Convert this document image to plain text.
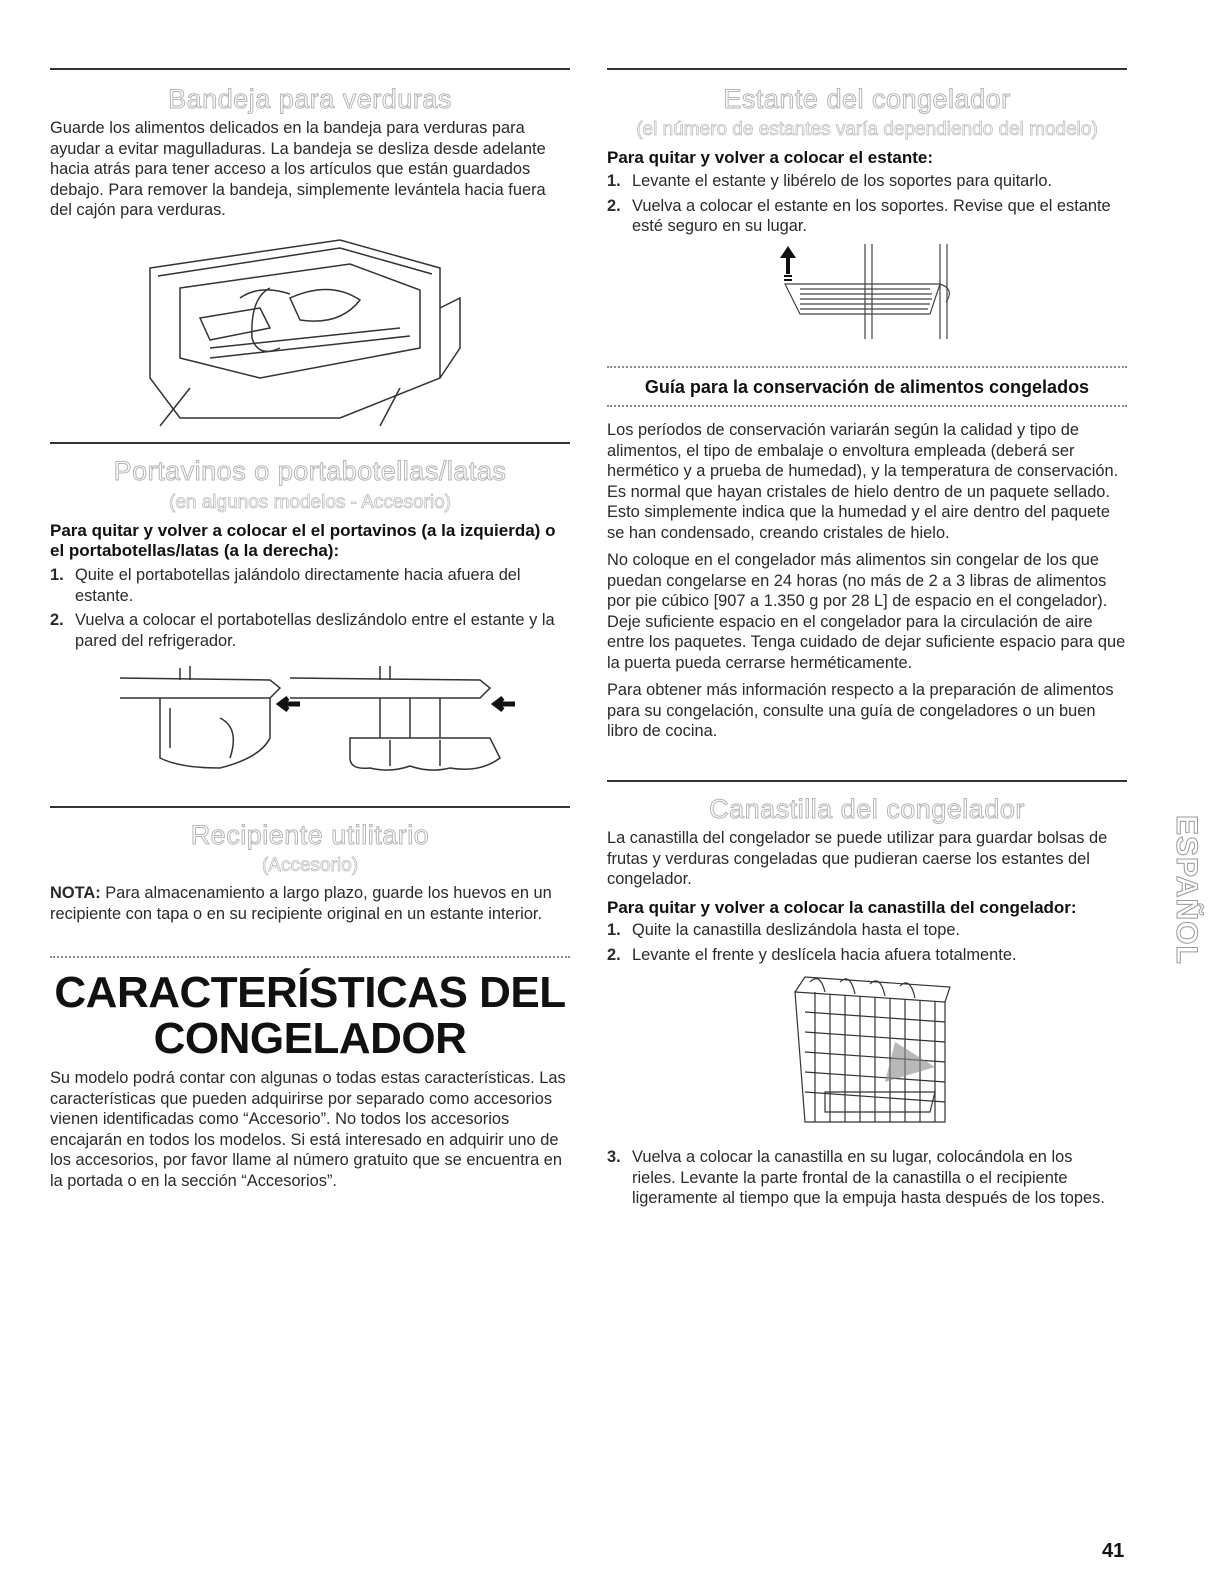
Bandeja para verduras

Guarde los alimentos delicados en la bandeja para verduras para ayudar a evitar magulladuras. La bandeja se desliza desde adelante hacia atrás para tener acceso a los artículos que están guardados debajo. Para remover la bandeja, simplemente levántela hacia fuera del cajón para verduras.

Portavinos o portabotellas/latas
(en algunos modelos - Accesorio)
Para quitar y volver a colocar el el portavinos (a la izquierda) o el portabotellas/latas (a la derecha):
1. Quite el portabotellas jalándolo directamente hacia afuera del estante.
2. Vuelva a colocar el portabotellas deslizándolo entre el estante y la pared del refrigerador.
Recipiente utilitario
(Accesorio)

NOTA: Para almacenamiento a largo plazo, guarde los huevos en un recipiente con tapa o en su recipiente original en un estante interior.

CARACTERÍSTICAS DEL
CONGELADOR

Su modelo podrá contar con algunas o todas estas características. Las características que pueden adquirirse por separado como accesorios vienen identificadas como “Accesorio”. No todos los accesorios encajarán en todos los modelos. Si está interesado en adquirir uno de los accesorios, por favor llame al número gratuito que se encuentra en la portada o en la sección “Accesorios”.

Estante del congelador
(el número de estantes varía dependiendo del modelo)
Para quitar y volver a colocar el estante:
1. Levante el estante y libérelo de los soportes para quitarlo.
2. Vuelva a colocar el estante en los soportes. Revise que el estante esté seguro en su lugar.
Guía para la conservación de alimentos congelados

Los períodos de conservación variarán según la calidad y tipo de alimentos, el tipo de embalaje o envoltura empleada (deberá ser hermético y a prueba de humedad), y la temperatura de conservación. Es normal que hayan cristales de hielo dentro de un paquete sellado. Esto simplemente indica que la humedad y el aire dentro del paquete se han condensado, creando cristales de hielo.

No coloque en el congelador más alimentos sin congelar de los que puedan congelarse en 24 horas (no más de 2 a 3 libras de alimentos por pie cúbico [907 a 1.350 g por 28 L] de espacio en el congelador). Deje suficiente espacio en el congelador para la circulación de aire entre los paquetes. Tenga cuidado de dejar suficiente espacio para que la puerta pueda cerrarse herméticamente.

Para obtener más información respecto a la preparación de alimentos para su congelación, consulte una guía de congeladores o un buen libro de cocina.

Canastilla del congelador

La canastilla del congelador se puede utilizar para guardar bolsas de frutas y verduras congeladas que pudieran caerse los estantes del congelador.

Para quitar y volver a colocar la canastilla del congelador:
1. Quite la canastilla deslizándola hasta el tope.
2. Levante el frente y deslícela hacia afuera totalmente.
3. Vuelva a colocar la canastilla en su lugar, colocándola en los rieles. Levante la parte frontal de la canastilla o el recipiente ligeramente al tiempo que la empuja hasta después de los topes.
ESPAÑOL
41
